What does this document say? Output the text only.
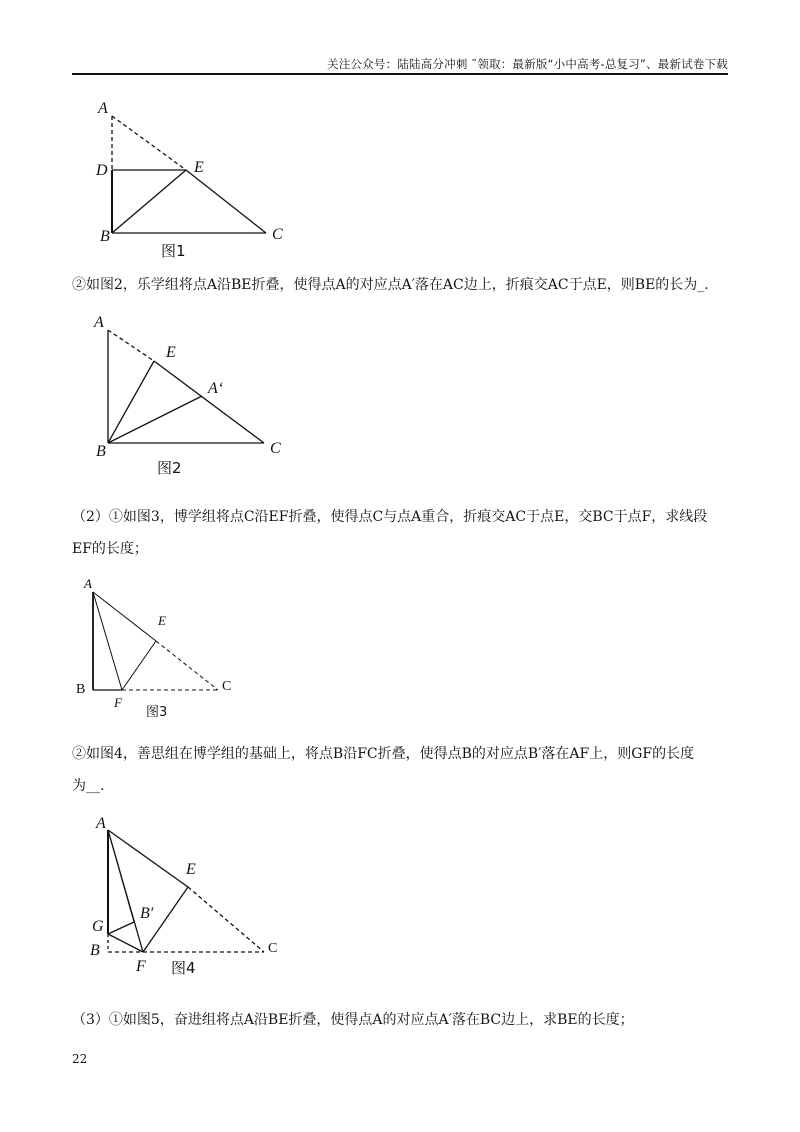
关注公众号：陆陆高分冲刺 ˜领取：最新版“小中高考-总复习”、最新试卷下载
A
D	E
B	C
图1
②如图2，乐学组将点A沿BE折叠，使得点A的对应点A′落在AC边上，折痕交AC于点E，则BE的长为_.
A
E
A‘
B	C
图2
（2）①如图3，博学组将点C沿EF折叠，使得点C与点A重合，折痕交AC于点E，交BC于点F，求线段
EF的长度；
A
E
B
F
C
图3
②如图4，善思组在博学组的基础上，将点B沿FC折叠，使得点B的对应点B′落在AF上，则GF的长度
为__.
A
E
G
B′
B
F
C
图4
（3）①如图5，奋进组将点A沿BE折叠，使得点A的对应点A′落在BC边上，求BE的长度；
22
